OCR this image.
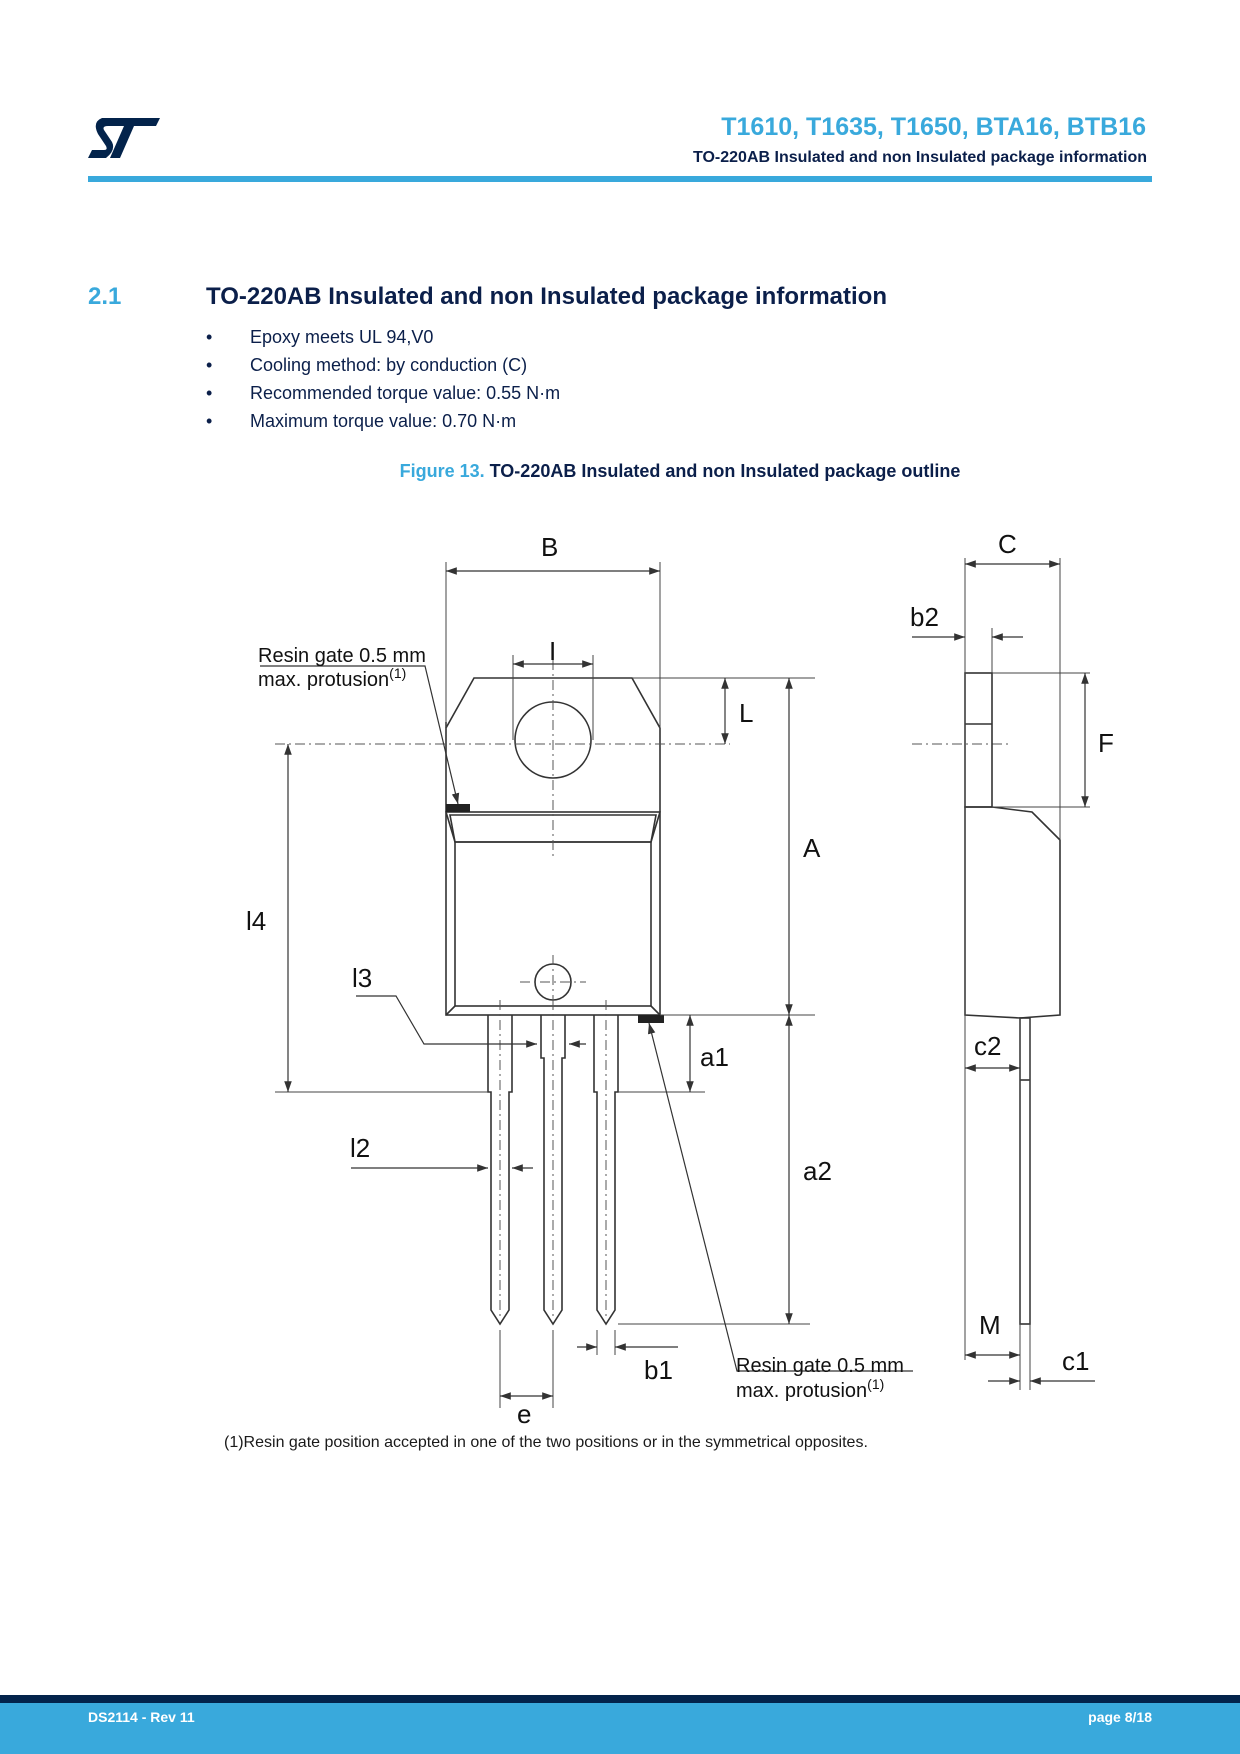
T1610, T1635, T1650, BTA16, BTB16
TO-220AB Insulated and non Insulated package information
2.1	TO-220AB Insulated and non Insulated package information
• Epoxy meets UL 94,V0
• Cooling method: by conduction (C)
• Recommended torque value: 0.55 N·m
• Maximum torque value: 0.70 N·m
Figure 13. TO-220AB Insulated and non Insulated package outline
B	C
b2
I
L
F
A
l4
l3
a1	c2
l2
a2
M
c1
b1
e
Resin gate 0.5 mm
max. protusion$^{(1)}$
Resin gate 0.5 mm
max. protusion$^{(1)}$
(1)Resin gate position accepted in one of the two positions or in the symmetrical opposites.
DS2114 - Rev 11	page 8/18
